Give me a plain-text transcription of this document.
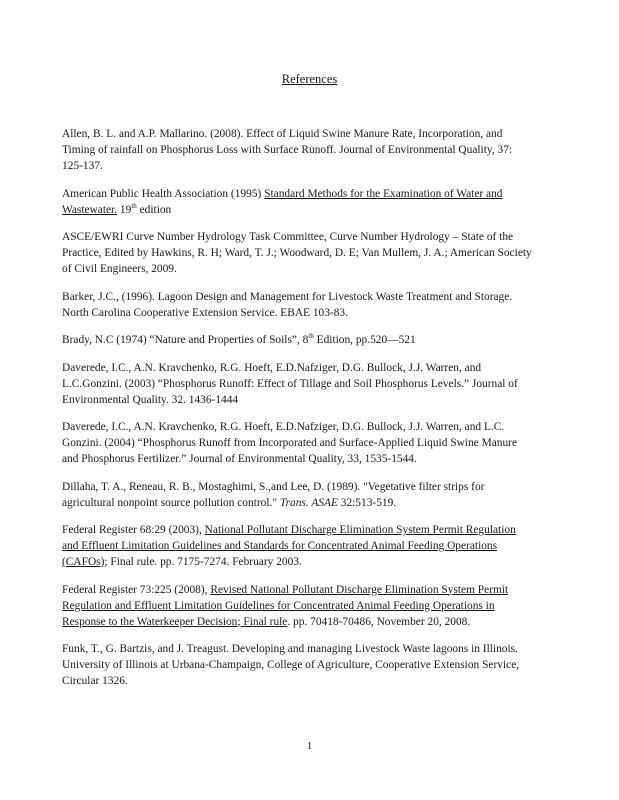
References

Allen, B. L. and A.P. Mallarino. (2008). Effect of Liquid Swine Manure Rate, Incorporation, and Timing of rainfall on Phosphorus Loss with Surface Runoff. Journal of Environmental Quality, 37: 125-137.

American Public Health Association (1995) Standard Methods for the Examination of Water and Wastewater. 19th edition

ASCE/EWRI Curve Number Hydrology Task Committee, Curve Number Hydrology – State of the Practice, Edited by Hawkins, R. H; Ward, T. J.; Woodward, D. E; Van Mullem, J. A.; American Society of Civil Engineers, 2009.

Barker, J.C., (1996). Lagoon Design and Management for Livestock Waste Treatment and Storage. North Carolina Cooperative Extension Service. EBAE 103-83.

Brady, N.C (1974) “Nature and Properties of Soils”, 8th Edition, pp.520—521

Daverede, I.C., A.N. Kravchenko, R.G. Hoeft, E.D.Nafziger, D.G. Bullock, J.J. Warren, and L.C.Gonzini. (2003) “Phosphorus Runoff: Effect of Tillage and Soil Phosphorus Levels.” Journal of Environmental Quality. 32. 1436-1444

Daverede, I.C., A.N. Kravchenko, R.G. Hoeft, E.D.Nafziger, D.G. Bullock, J.J. Warren, and L.C. Gonzini. (2004) “Phosphorus Runoff from Incorporated and Surface-Applied Liquid Swine Manure and Phosphorus Fertilizer.” Journal of Environmental Quality, 33, 1535-1544.

Dillaha, T. A., Reneau, R. B., Mostaghimi, S.,and Lee, D. (1989). "Vegetative filter strips for agricultural nonpoint source pollution control." Trans. ASAE 32:513-519.

Federal Register 68:29 (2003), National Pollutant Discharge Elimination System Permit Regulation and Effluent Limitation Guidelines and Standards for Concentrated Animal Feeding Operations (CAFOs); Final rule. pp. 7175-7274. February 2003.

Federal Register 73:225 (2008), Revised National Pollutant Discharge Elimination System Permit Regulation and Effluent Limitation Guidelines for Concentrated Animal Feeding Operations in Response to the Waterkeeper Decision; Final rule. pp. 70418-70486, November 20, 2008.

Funk, T., G. Bartzis, and J. Treagust. Developing and managing Livestock Waste lagoons in Illinois. University of Illinois at Urbana-Champaign, College of Agriculture, Cooperative Extension Service, Circular 1326.

1
